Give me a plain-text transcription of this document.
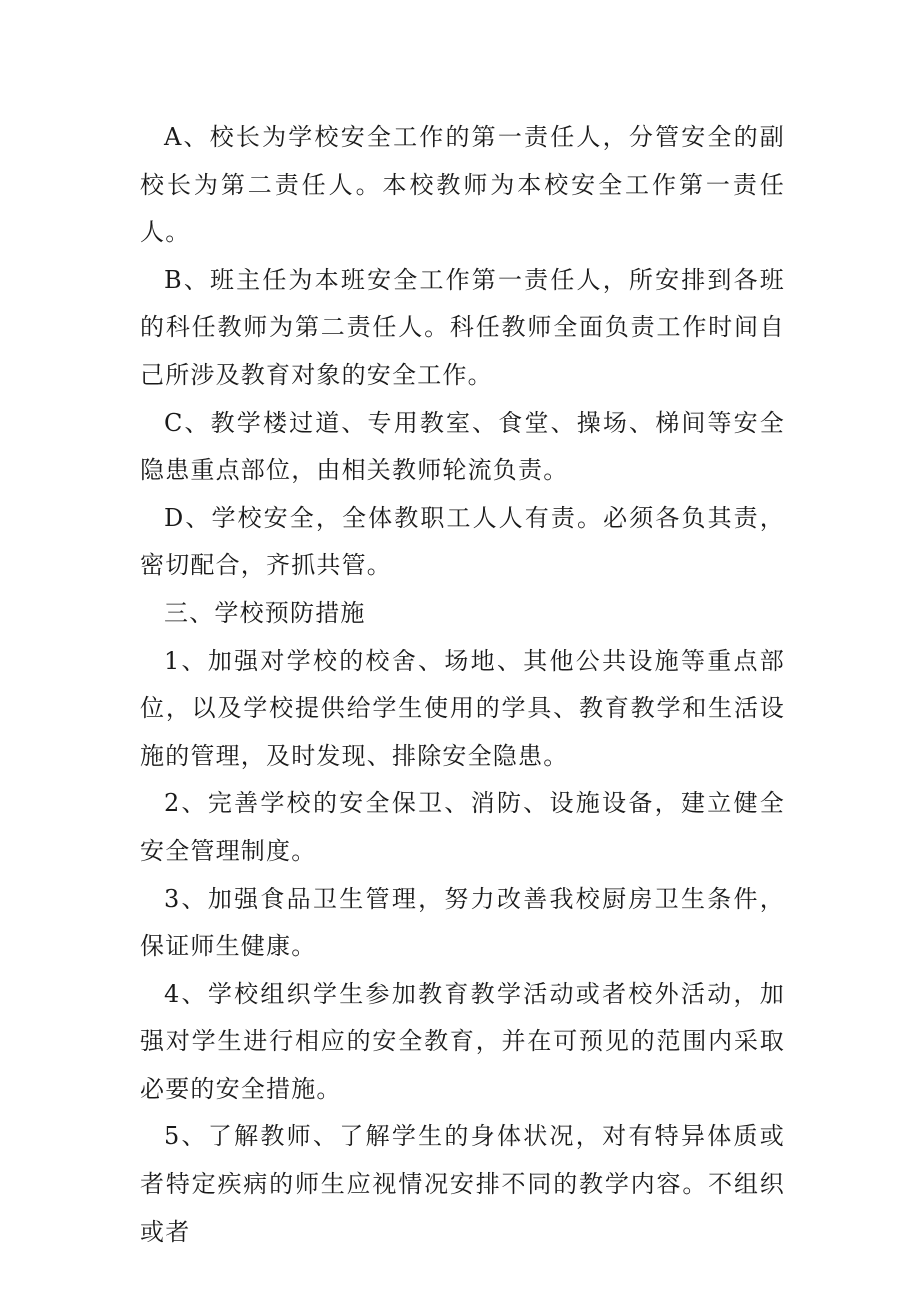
A、校长为学校安全工作的第一责任人，分管安全的副校长为第二责任人。本校教师为本校安全工作第一责任人。

B、班主任为本班安全工作第一责任人，所安排到各班的科任教师为第二责任人。科任教师全面负责工作时间自己所涉及教育对象的安全工作。

C、教学楼过道、专用教室、食堂、操场、梯间等安全隐患重点部位，由相关教师轮流负责。

D、学校安全，全体教职工人人有责。必须各负其责，密切配合，齐抓共管。

三、学校预防措施

1、加强对学校的校舍、场地、其他公共设施等重点部位，以及学校提供给学生使用的学具、教育教学和生活设施的管理，及时发现、排除安全隐患。

2、完善学校的安全保卫、消防、设施设备，建立健全安全管理制度。

3、加强食品卫生管理，努力改善我校厨房卫生条件，保证师生健康。

4、学校组织学生参加教育教学活动或者校外活动，加强对学生进行相应的安全教育，并在可预见的范围内采取必要的安全措施。

5、了解教师、了解学生的身体状况，对有特异体质或者特定疾病的师生应视情况安排不同的教学内容。不组织或者
